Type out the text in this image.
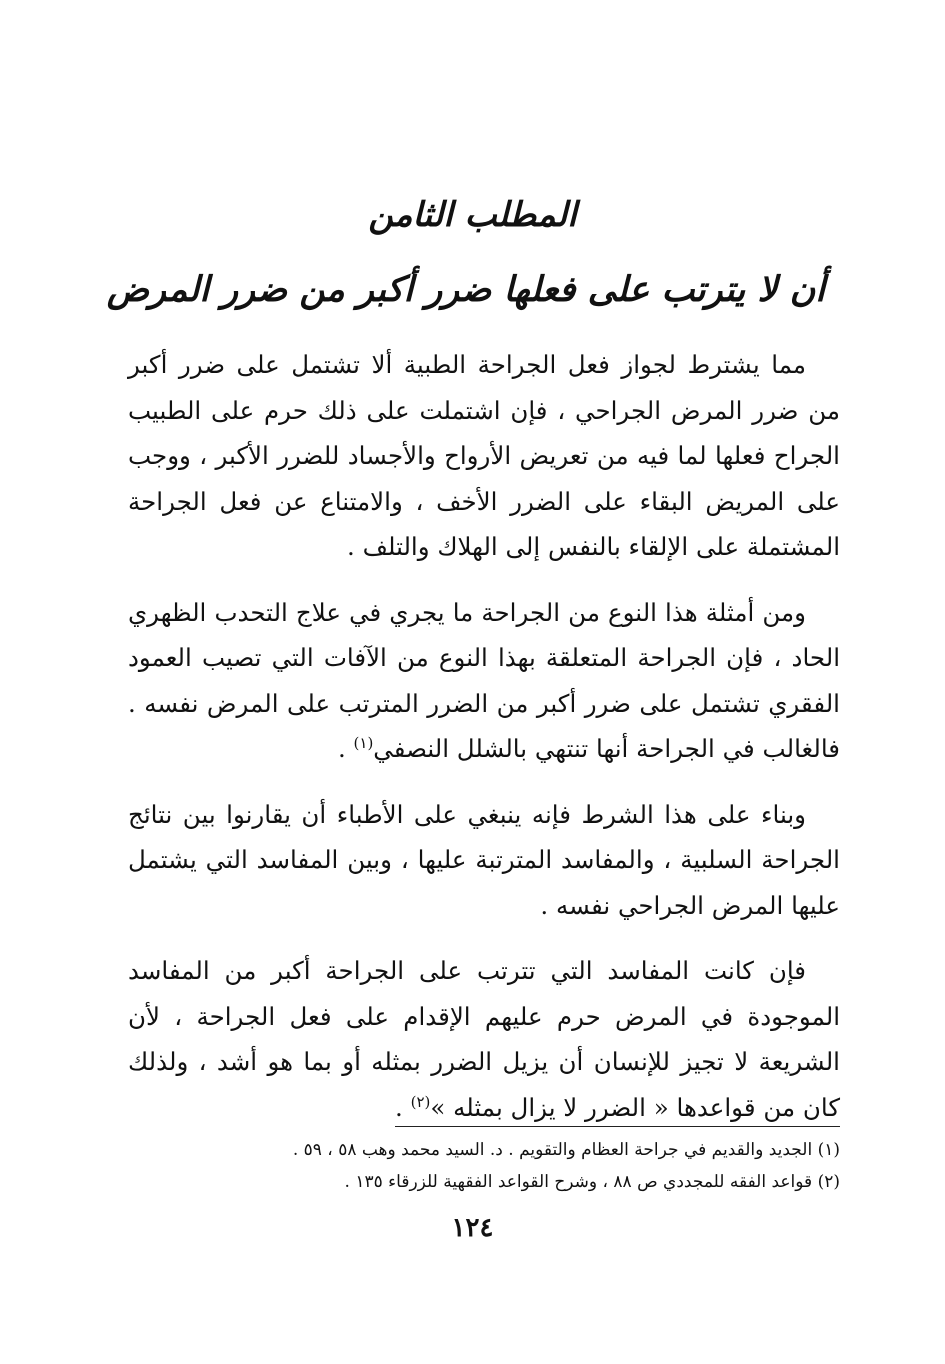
المطلب الثامن
أن لا يترتب على فعلها ضرر أكبر من ضرر المرض

مما يشترط لجواز فعل الجراحة الطبية ألا تشتمل على ضرر أكبر من ضرر المرض الجراحي ، فإن اشتملت على ذلك حرم على الطبيب الجراح فعلها لما فيه من تعريض الأرواح والأجساد للضرر الأكبر ، ووجب على المريض البقاء على الضرر الأخف ، والامتناع عن فعل الجراحة المشتملة على الإلقاء بالنفس إلى الهلاك والتلف .

ومن أمثلة هذا النوع من الجراحة ما يجري في علاج التحدب الظهري الحاد ، فإن الجراحة المتعلقة بهذا النوع من الآفات التي تصيب العمود الفقري تشتمل على ضرر أكبر من الضرر المترتب على المرض نفسه . فالغالب في الجراحة أنها تنتهي بالشلل النصفي$^{(١)}$ .

وبناء على هذا الشرط فإنه ينبغي على الأطباء أن يقارنوا بين نتائج الجراحة السلبية ، والمفاسد المترتبة عليها ، وبين المفاسد التي يشتمل عليها المرض الجراحي نفسه .

فإن كانت المفاسد التي تترتب على الجراحة أكبر من المفاسد الموجودة في المرض حرم عليهم الإقدام على فعل الجراحة ، لأن الشريعة لا تجيز للإنسان أن يزيل الضرر بمثله أو بما هو أشد ، ولذلك كان من قواعدها « الضرر لا يزال بمثله »$^{(٢)}$ .

(١) الجديد والقديم في جراحة العظام والتقويم . د. السيد محمد وهب ٥٨ ، ٥٩ .

(٢) قواعد الفقه للمجددي ص ٨٨ ، وشرح القواعد الفقهية للزرقاء ١٣٥ .

١٢٤
